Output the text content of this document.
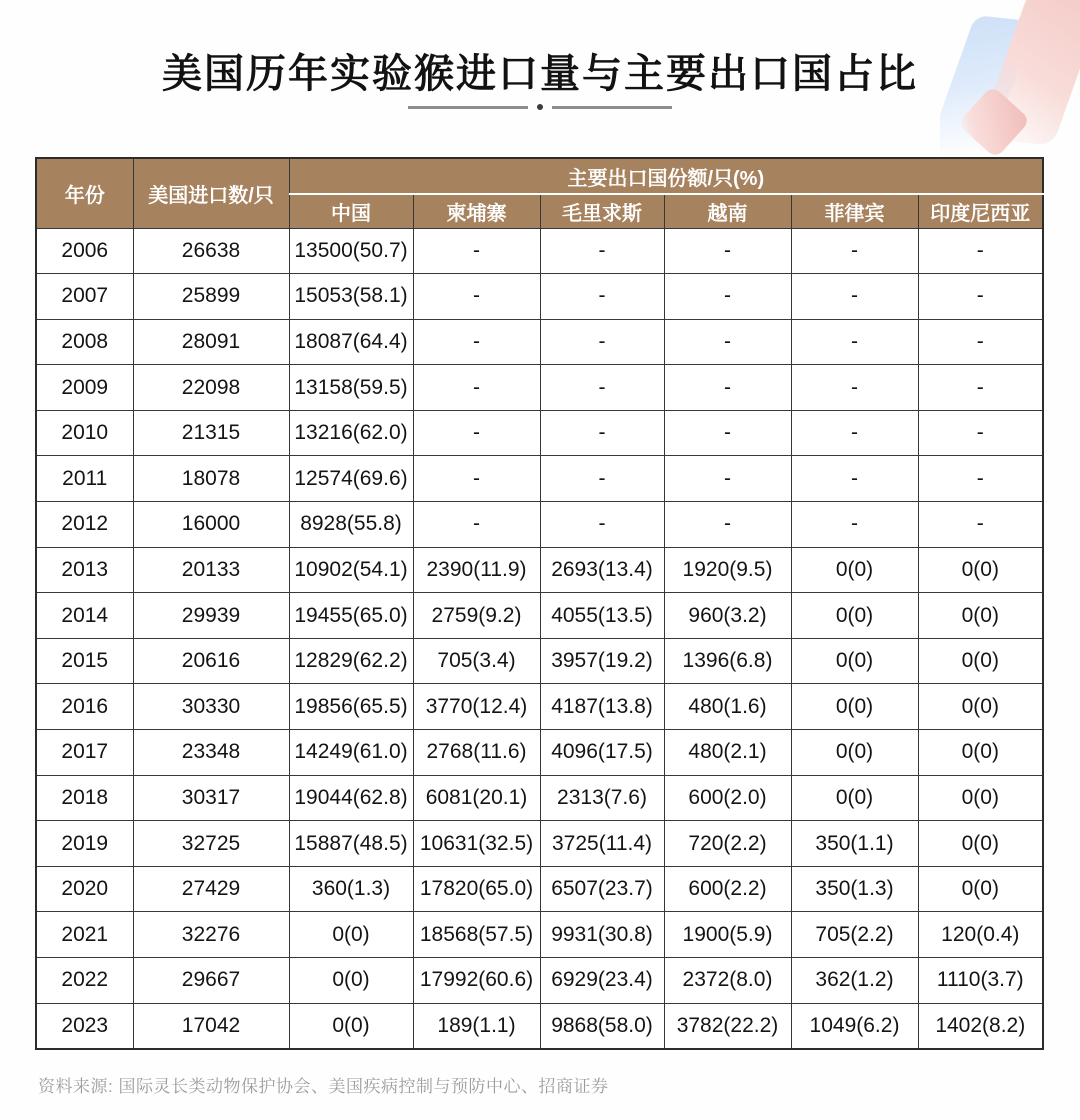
美国历年实验猴进口量与主要出口国占比
年份	美国进口数/只	主要出口国份额/只(%)					
		中国	柬埔寨	毛里求斯	越南	菲律宾	印度尼西亚
2006	26638	13500(50.7)	-	-	-	-	-
2007	25899	15053(58.1)	-	-	-	-	-
2008	28091	18087(64.4)	-	-	-	-	-
2009	22098	13158(59.5)	-	-	-	-	-
2010	21315	13216(62.0)	-	-	-	-	-
2011	18078	12574(69.6)	-	-	-	-	-
2012	16000	8928(55.8)	-	-	-	-	-
2013	20133	10902(54.1)	2390(11.9)	2693(13.4)	1920(9.5)	0(0)	0(0)
2014	29939	19455(65.0)	2759(9.2)	4055(13.5)	960(3.2)	0(0)	0(0)
2015	20616	12829(62.2)	705(3.4)	3957(19.2)	1396(6.8)	0(0)	0(0)
2016	30330	19856(65.5)	3770(12.4)	4187(13.8)	480(1.6)	0(0)	0(0)
2017	23348	14249(61.0)	2768(11.6)	4096(17.5)	480(2.1)	0(0)	0(0)
2018	30317	19044(62.8)	6081(20.1)	2313(7.6)	600(2.0)	0(0)	0(0)
2019	32725	15887(48.5)	10631(32.5)	3725(11.4)	720(2.2)	350(1.1)	0(0)
2020	27429	360(1.3)	17820(65.0)	6507(23.7)	600(2.2)	350(1.3)	0(0)
2021	32276	0(0)	18568(57.5)	9931(30.8)	1900(5.9)	705(2.2)	120(0.4)
2022	29667	0(0)	17992(60.6)	6929(23.4)	2372(8.0)	362(1.2)	1110(3.7)
2023	17042	0(0)	189(1.1)	9868(58.0)	3782(22.2)	1049(6.2)	1402(8.2)
资料来源: 国际灵长类动物保护协会、美国疾病控制与预防中心、招商证券
